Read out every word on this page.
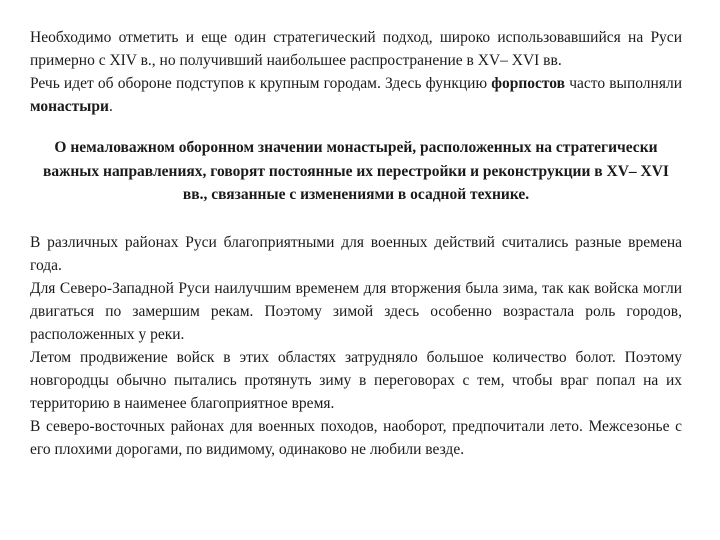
Необходимо отметить и еще один стратегический подход, широко использовавшийся на Руси примерно с XIV в., но получивший наибольшее распространение в XV– XVI вв.

Речь идет об обороне подступов к крупным городам. Здесь функцию форпостов часто выполняли монастыри.

О немаловажном оборонном значении монастырей, расположенных на стратегически важных направлениях, говорят постоянные их перестройки и реконструкции в XV– XVI вв., связанные с изменениями в осадной технике.

В различных районах Руси благоприятными для военных действий считались разные времена года.

Для Северо-Западной Руси наилучшим временем для вторжения была зима, так как войска могли двигаться по замершим рекам. Поэтому зимой здесь особенно возрастала роль городов, расположенных у реки.

Летом продвижение войск в этих областях затрудняло большое количество болот. Поэтому новгородцы обычно пытались протянуть зиму в переговорах с тем, чтобы враг попал на их территорию в наименее благоприятное время.

В северо-восточных районах для военных походов, наоборот, предпочитали лето. Межсезонье с его плохими дорогами, по видимому, одинаково не любили везде.
